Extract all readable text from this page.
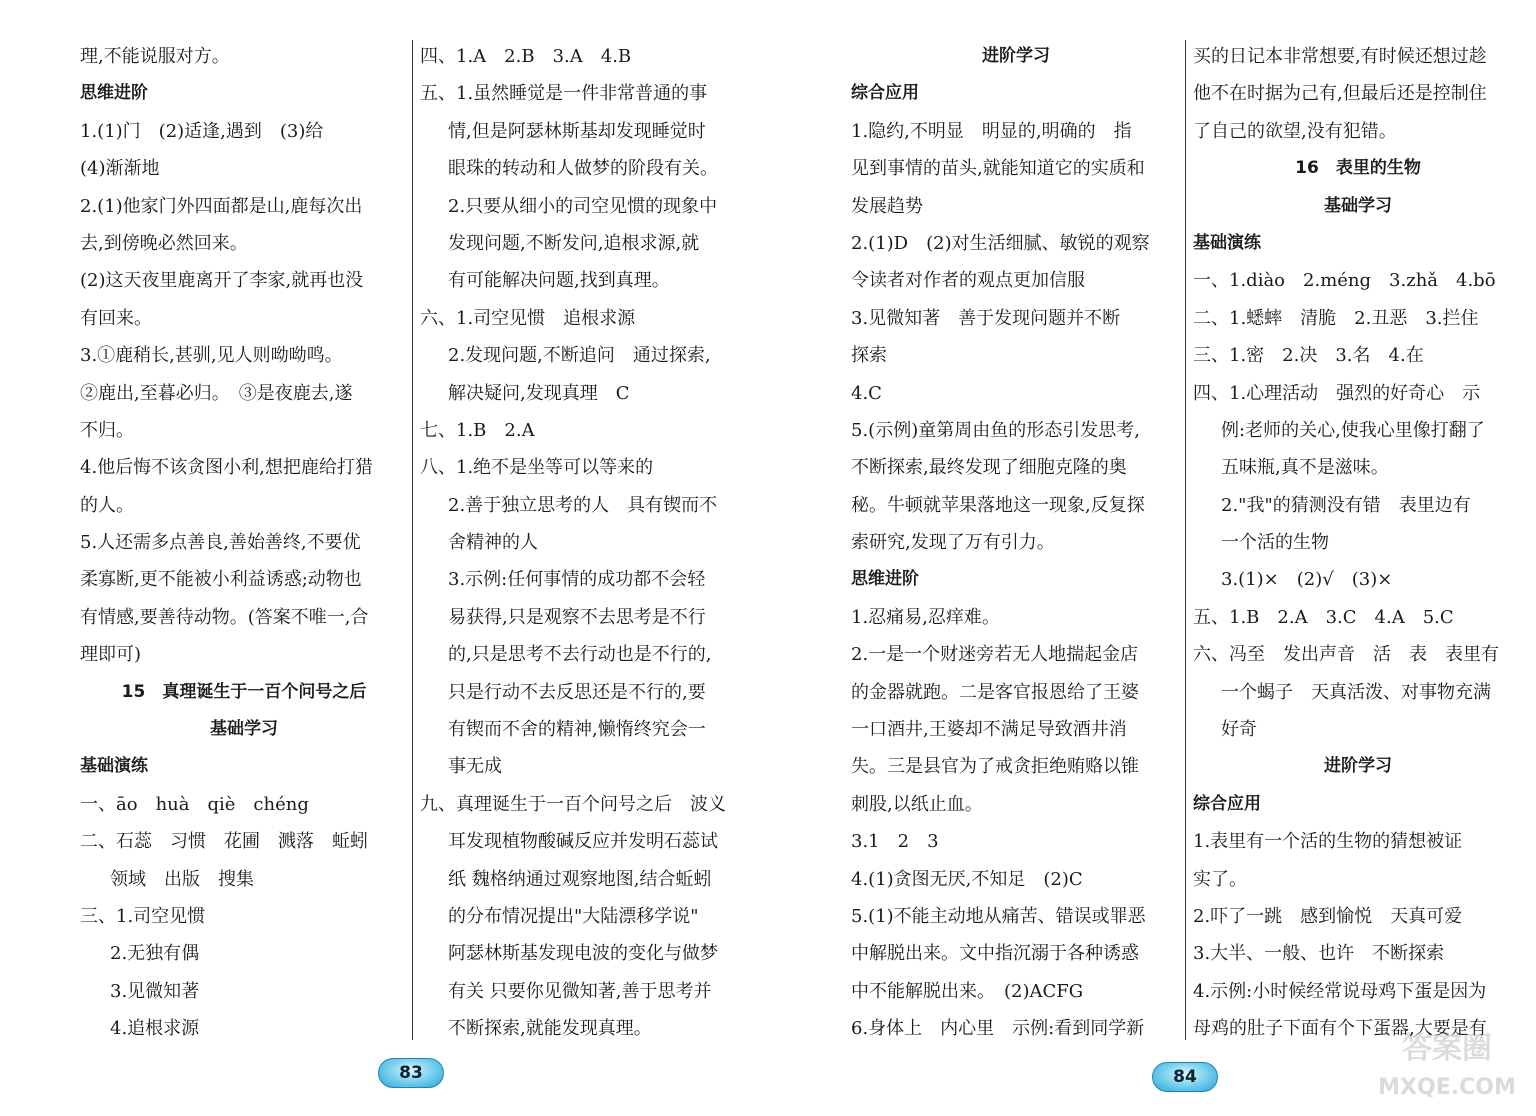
理,不能说服对方。
思维进阶
1.(1)门　(2)适逢,遇到　(3)给
(4)渐渐地
2.(1)他家门外四面都是山,鹿每次出
去,到傍晚必然回来。
(2)这天夜里鹿离开了李家,就再也没
有回来。
3.①鹿稍长,甚驯,见人则呦呦鸣。
②鹿出,至暮必归。　③是夜鹿去,遂
不归。
4.他后悔不该贪图小利,想把鹿给打猎
的人。
5.人还需多点善良,善始善终,不要优
柔寡断,更不能被小利益诱惑;动物也
有情感,要善待动物。(答案不唯一,合
理即可)
15　真理诞生于一百个问号之后
基础学习
基础演练
一、āo　huà　qiè　chéng
二、石蕊　习惯　花圃　溅落　蚯蚓
领域　出版　搜集
三、1.司空见惯
2.无独有偶
3.见微知著
4.追根求源
四、1.A　2.B　3.A　4.B
五、1.虽然睡觉是一件非常普通的事
情,但是阿瑟林斯基却发现睡觉时
眼珠的转动和人做梦的阶段有关。
2.只要从细小的司空见惯的现象中
发现问题,不断发问,追根求源,就
有可能解决问题,找到真理。
六、1.司空见惯　追根求源
2.发现问题,不断追问　通过探索,
解决疑问,发现真理　C
七、1.B　2.A
八、1.绝不是坐等可以等来的
2.善于独立思考的人　具有锲而不
舍精神的人
3.示例:任何事情的成功都不会轻
易获得,只是观察不去思考是不行
的,只是思考不去行动也是不行的,
只是行动不去反思还是不行的,要
有锲而不舍的精神,懒惰终究会一
事无成
九、真理诞生于一百个问号之后　波义
耳发现植物酸碱反应并发明石蕊试
纸 魏格纳通过观察地图,结合蚯蚓
的分布情况提出"大陆漂移学说"
阿瑟林斯基发现电波的变化与做梦
有关 只要你见微知著,善于思考并
不断探索,就能发现真理。
进阶学习
综合应用
1.隐约,不明显　明显的,明确的　指
见到事情的苗头,就能知道它的实质和
发展趋势
2.(1)D　(2)对生活细腻、敏锐的观察
令读者对作者的观点更加信服
3.见微知著　善于发现问题并不断
探索
4.C
5.(示例)童第周由鱼的形态引发思考,
不断探索,最终发现了细胞克隆的奥
秘。牛顿就苹果落地这一现象,反复探
索研究,发现了万有引力。
思维进阶
1.忍痛易,忍痒难。
2.一是一个财迷旁若无人地揣起金店
的金器就跑。二是客官报恩给了王婆
一口酒井,王婆却不满足导致酒井消
失。三是县官为了戒贪拒绝贿赂以锥
刺股,以纸止血。
3.1　2　3
4.(1)贪图无厌,不知足　(2)C
5.(1)不能主动地从痛苦、错误或罪恶
中解脱出来。文中指沉溺于各种诱惑
中不能解脱出来。　(2)ACFG
6.身体上　内心里　示例:看到同学新
买的日记本非常想要,有时候还想过趁
他不在时据为己有,但最后还是控制住
了自己的欲望,没有犯错。
16　表里的生物
基础学习
基础演练
一、1.diào　2.méng　3.zhǎ　4.bō
二、1.蟋蟀　清脆　2.丑恶　3.拦住
三、1.密　2.决　3.名　4.在
四、1.心理活动　强烈的好奇心　示
例:老师的关心,使我心里像打翻了
五味瓶,真不是滋味。
2."我"的猜测没有错　表里边有
一个活的生物
3.(1)×　(2)√　(3)×
五、1.B　2.A　3.C　4.A　5.C
六、冯至　发出声音　活　表　表里有
一个蝎子　天真活泼、对事物充满
好奇
进阶学习
综合应用
1.表里有一个活的生物的猜想被证
实了。
2.吓了一跳　感到愉悦　天真可爱
3.大半、一般、也许　不断探索
4.示例:小时候经常说母鸡下蛋是因为
母鸡的肚子下面有个下蛋器,大要是有
83	84
答案圈
MXQE.COM
